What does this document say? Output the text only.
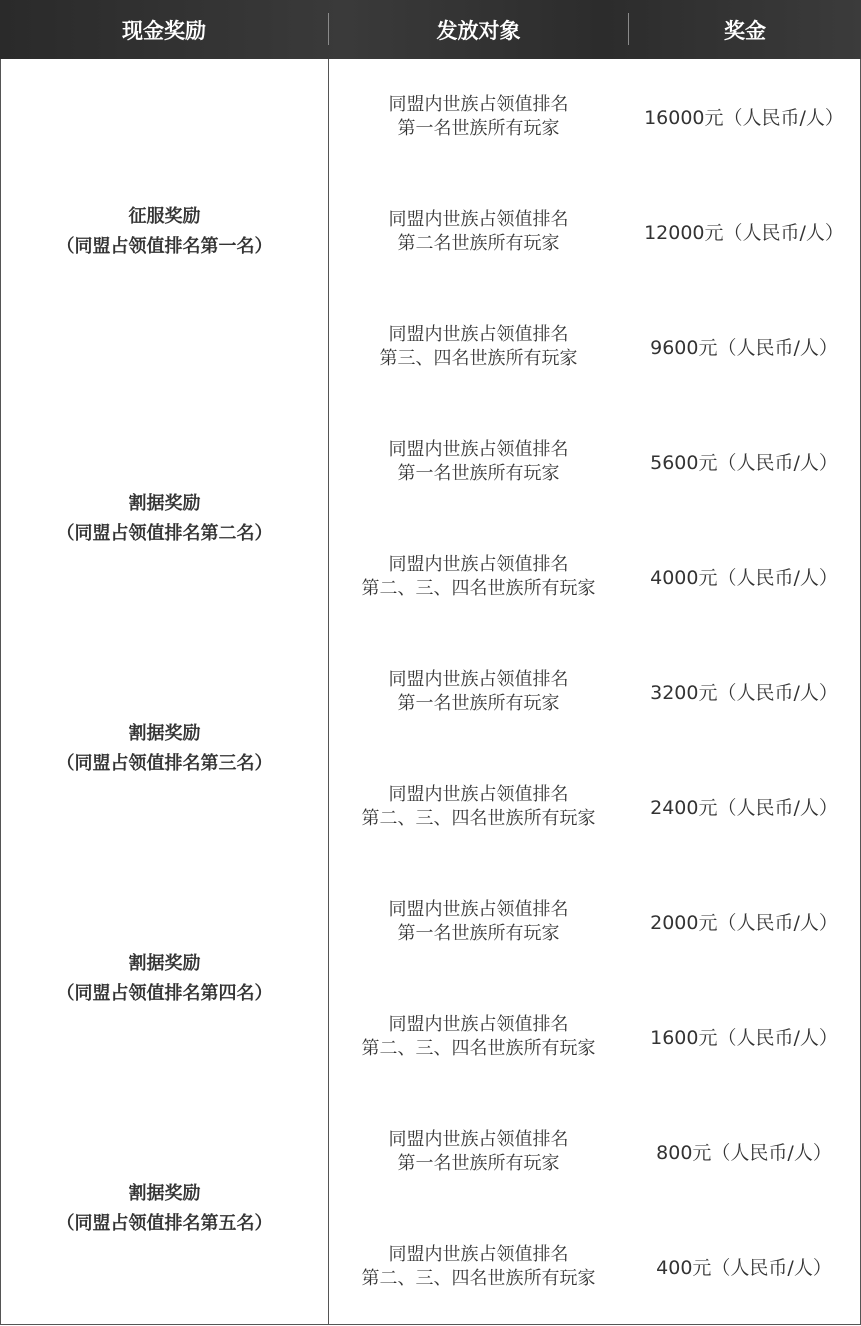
现金奖励	发放对象	奖金
征服奖励
（同盟占领值排名第一名）
同盟内世族占领值排名
第一名世族所有玩家	16000元（人民币/人）
同盟内世族占领值排名
第二名世族所有玩家	12000元（人民币/人）
同盟内世族占领值排名
第三、四名世族所有玩家	9600元（人民币/人）
割据奖励
（同盟占领值排名第二名）
同盟内世族占领值排名
第一名世族所有玩家	5600元（人民币/人）
同盟内世族占领值排名
第二、三、四名世族所有玩家	4000元（人民币/人）
割据奖励
（同盟占领值排名第三名）
同盟内世族占领值排名
第一名世族所有玩家	3200元（人民币/人）
同盟内世族占领值排名
第二、三、四名世族所有玩家	2400元（人民币/人）
割据奖励
（同盟占领值排名第四名）
同盟内世族占领值排名
第一名世族所有玩家	2000元（人民币/人）
同盟内世族占领值排名
第二、三、四名世族所有玩家	1600元（人民币/人）
割据奖励
（同盟占领值排名第五名）
同盟内世族占领值排名
第一名世族所有玩家	800元（人民币/人）
同盟内世族占领值排名
第二、三、四名世族所有玩家	400元（人民币/人）
